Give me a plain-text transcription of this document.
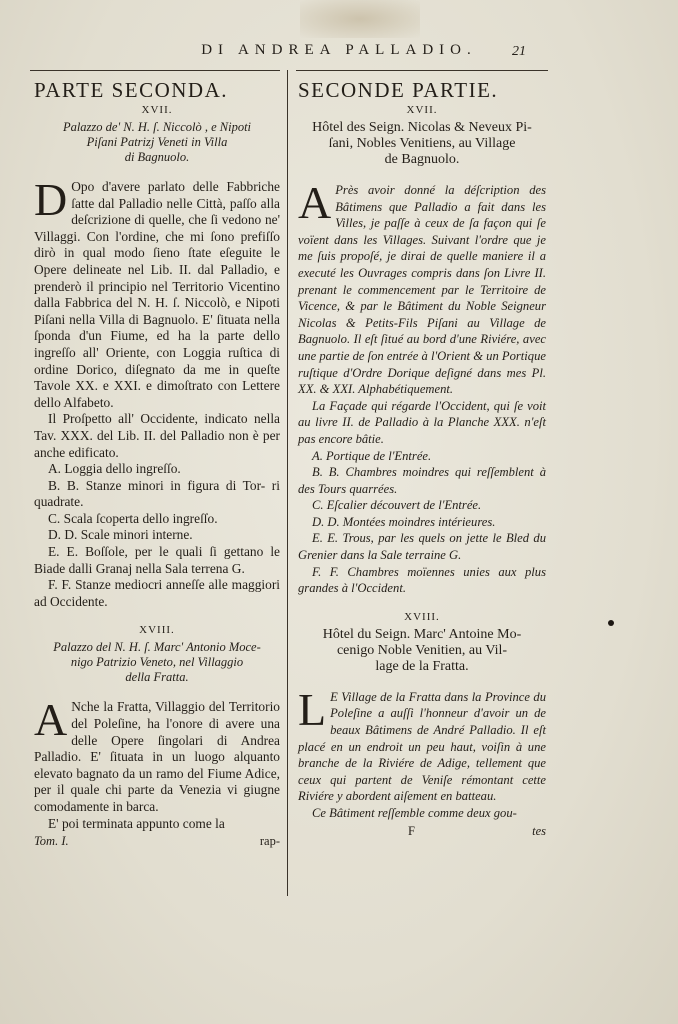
DI ANDREA PALLADIO.	21

PARTE SECONDA.

XVII.

Palazzo de' N. H. ſ. Niccolò , e Nipoti
Piſani Patrizj Veneti in Villa
di Bagnuolo.

D Opo d'avere parlato delle Fabbriche ſatte dal Palladio nelle Città, paſſo alla deſcrizione di quelle, che ſi vedono ne' Villaggi. Con l'ordine, che mi ſono prefiſſo dirò in qual modo ſieno ſtate eſeguite le Opere delineate nel Lib. II. dal Palladio, e prenderò il principio nel Territorio Vicentino dalla Fabbrica del N. H. ſ. Niccolò, e Nipoti Piſani nella Villa di Bagnuolo. E' ſituata nella ſponda d'un Fiume, ed ha la parte dello ingreſſo all' Oriente, con Loggia ruſtica di ordine Dorico, diſegnato da me in queſte Tavole XX. e XXI. e dimoſtrato con Lettere dello Alfabeto.

Il Proſpetto all' Occidente, indicato nella Tav. XXX. del Lib. II. del Palladio non è per anche edificato.

A. Loggia dello ingreſſo.

B. B. Stanze minori in figura di Tor- ri quadrate.

C. Scala ſcoperta dello ingreſſo.

D. D. Scale minori interne.

E. E. Boſſole, per le quali ſi gettano le Biade dalli Granaj nella Sala terrena G.

F. F. Stanze mediocri anneſſe alle maggiori ad Occidente.

XVIII.

Palazzo del N. H. ſ. Marc' Antonio Moce-
nigo Patrizio Veneto, nel Villaggio
della Fratta.

A Nche la Fratta, Villaggio del Territorio del Poleſine, ha l'onore di avere una delle Opere ſingolari di Andrea Palladio. E' ſituata in un luogo alquanto elevato bagnato da un ramo del Fiume Adice, per il quale chi parte da Venezia vi giugne comodamente in barca.

E' poi terminata appunto come la

Tom. I.	rap-

SECONDE PARTIE.

XVII.

Hôtel des Seign. Nicolas & Neveux Pi-
ſani, Nobles Venitiens, au Village
de Bagnuolo.

A Près avoir donné la déſcription des Bâtimens que Palladio a fait dans les Villes, je paſſe à ceux de ſa façon qui ſe voïent dans les Villages. Suivant l'ordre que je me ſuis propoſé, je dirai de quelle maniere il a executé les Ouvrages compris dans ſon Livre II. prenant le commencement par le Territoire de Vicence, & par le Bâtiment du Noble Seigneur Nicolas & Petits-Fils Piſani au Village de Bagnuolo. Il eſt ſitué au bord d'une Riviére, avec une partie de ſon entrée à l'Orient & un Portique ruſtique d'Ordre Dorique deſigné dans mes Pl. XX. & XXI. Alphabétiquement.

La Façade qui régarde l'Occident, qui ſe voit au livre II. de Palladio à la Planche XXX. n'eſt pas encore bâtie.

A. Portique de l'Entrée.

B. B. Chambres moindres qui reſſemblent à des Tours quarrées.

C. Eſcalier découvert de l'Entrée.

D. D. Montées moindres intérieures.

E. E. Trous, par les quels on jette le Bled du Grenier dans la Sale terraine G.

F. F. Chambres moïennes unies aux plus grandes à l'Occident.

XVIII.

Hôtel du Seign. Marc' Antoine Mo-
cenigo Noble Venitien, au Vil-
lage de la Fratta.

L E Village de la Fratta dans la Province du Poleſine a auſſi l'honneur d'avoir un de beaux Bâtimens de André Palladio. Il eſt placé en un endroit un peu haut, voiſin à une branche de la Riviére de Adige, tellement que ceux qui partent de Veniſe rémontant cette Riviére y abordent aiſement en batteau.

Ce Bâtiment reſſemble comme deux gou-

F	tes
